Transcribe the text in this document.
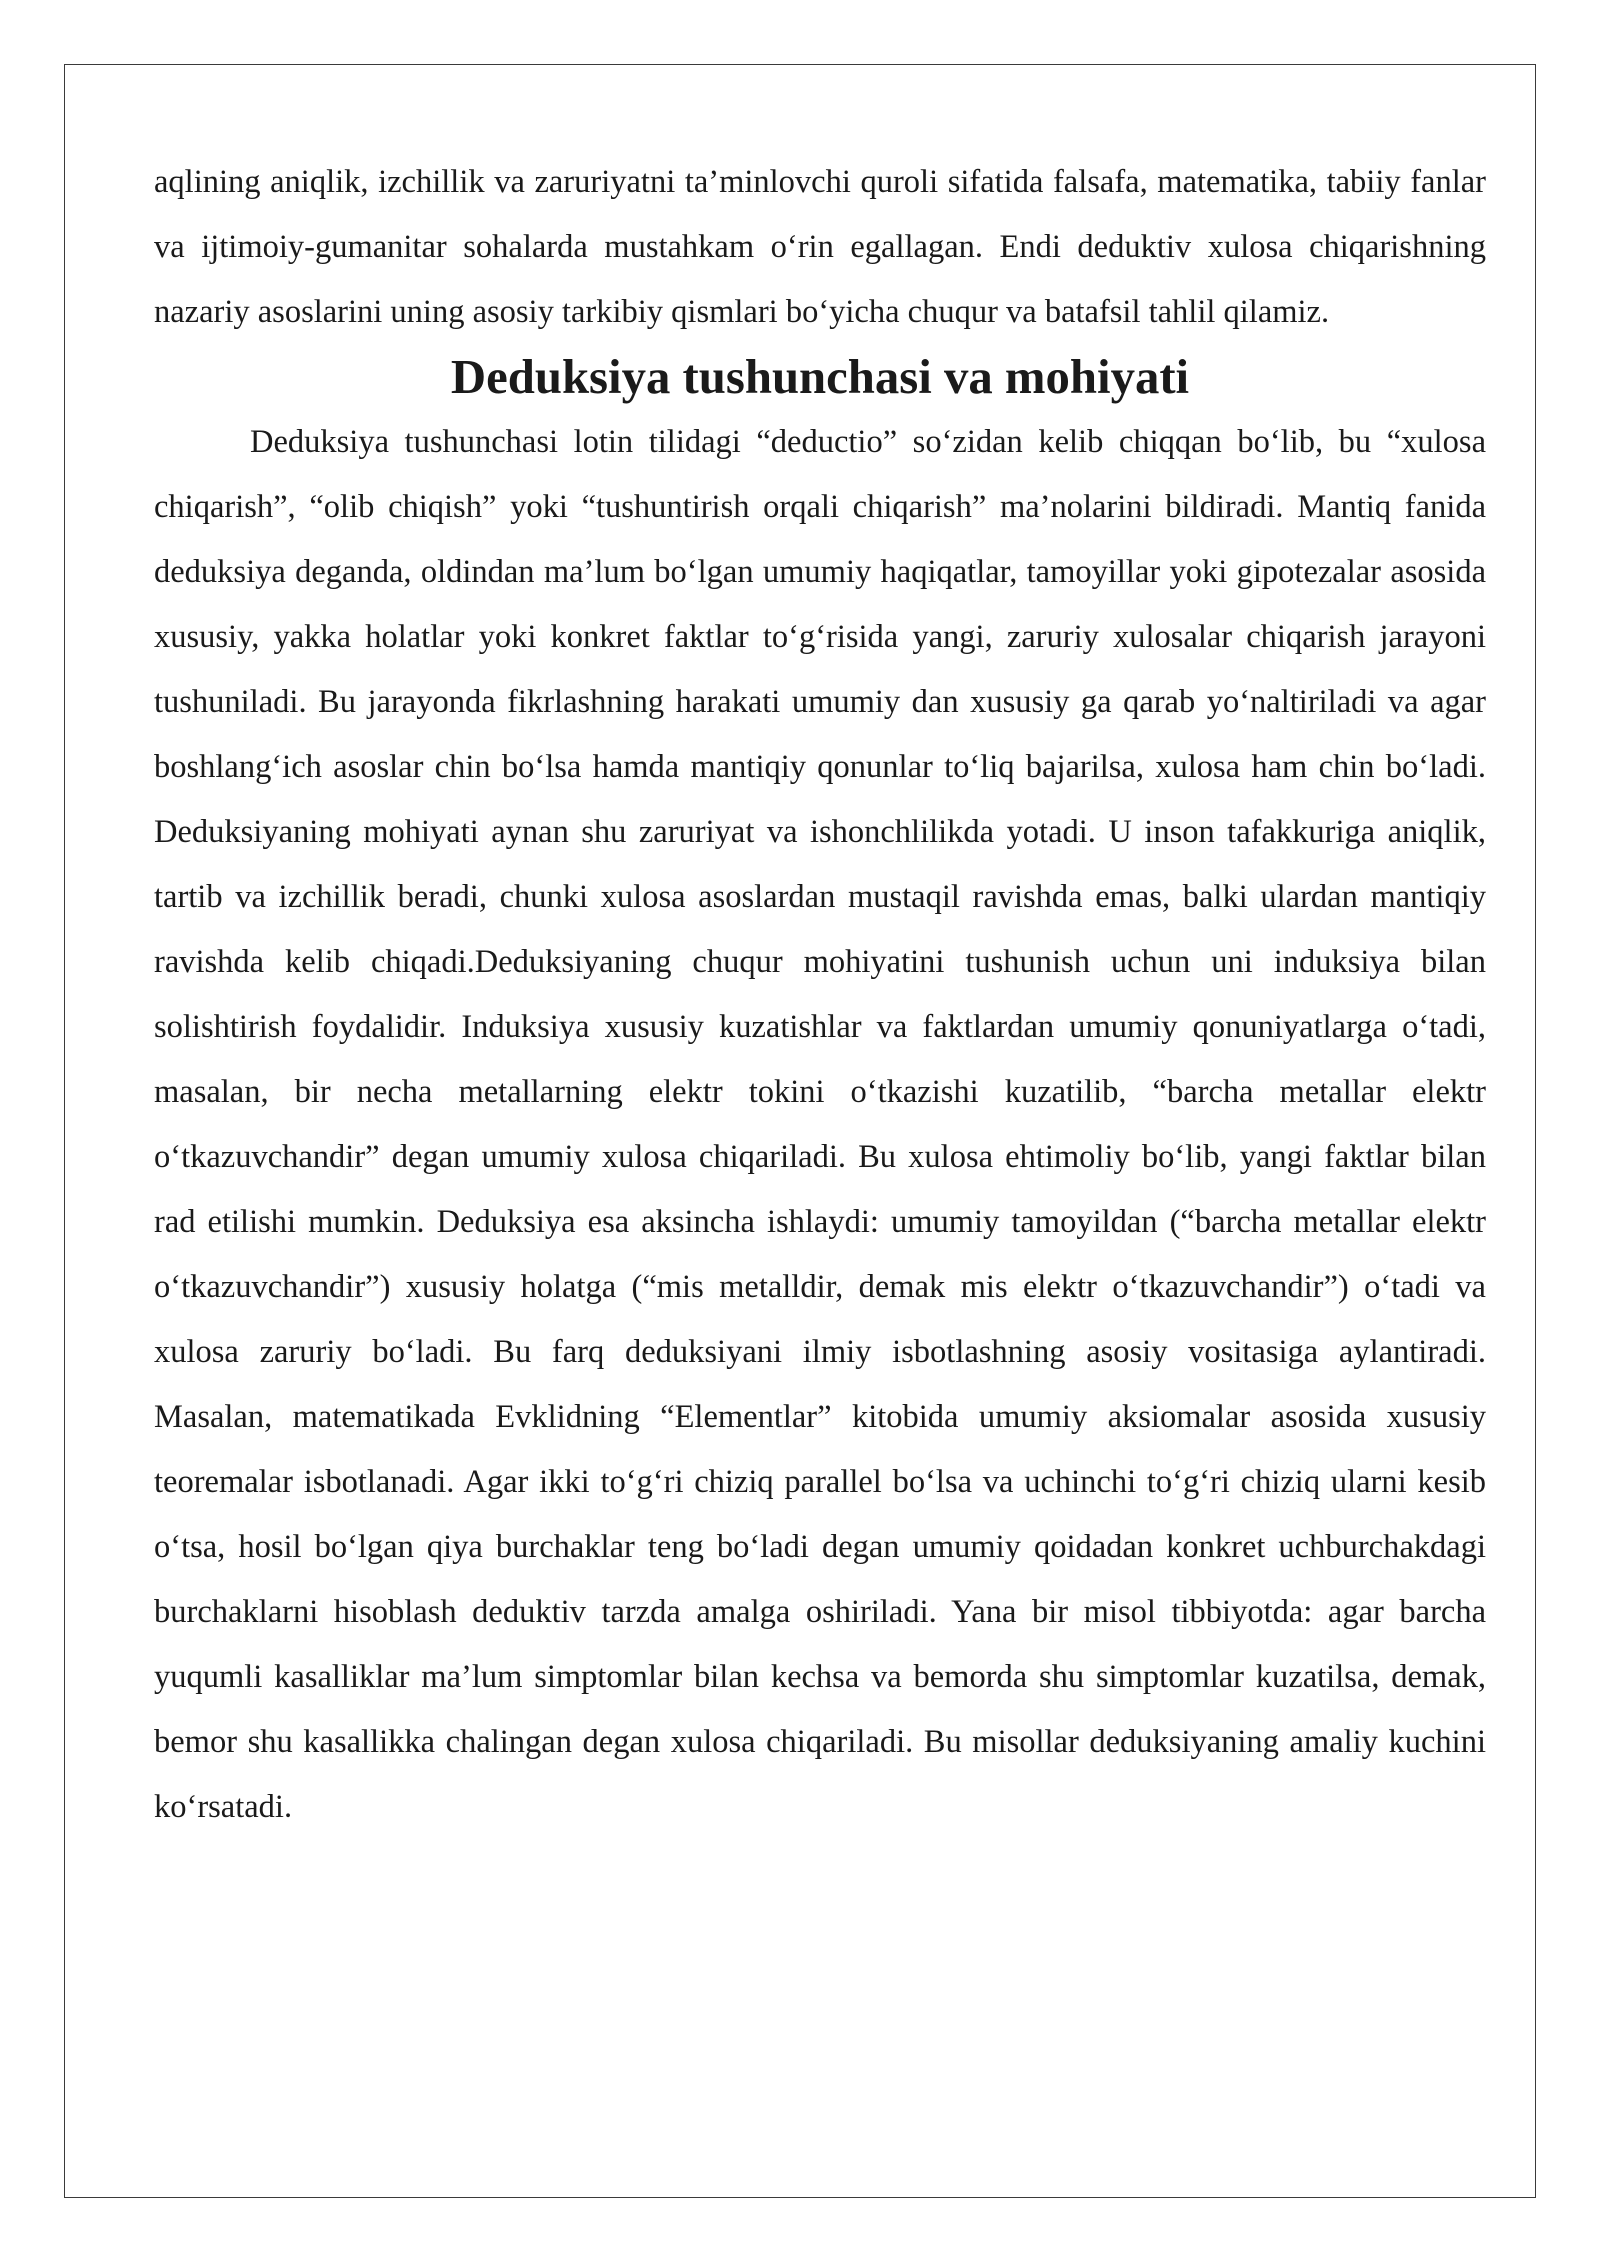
aqlining aniqlik, izchillik va zaruriyatni ta’minlovchi quroli sifatida falsafa, matematika, tabiiy fanlar va ijtimoiy-gumanitar sohalarda mustahkam o‘rin egallagan. Endi deduktiv xulosa chiqarishning nazariy asoslarini uning asosiy tarkibiy qismlari bo‘yicha chuqur va batafsil tahlil qilamiz.

Deduksiya tushunchasi va mohiyati

Deduksiya tushunchasi lotin tilidagi “deductio” so‘zidan kelib chiqqan bo‘lib, bu “xulosa chiqarish”, “olib chiqish” yoki “tushuntirish orqali chiqarish” ma’nolarini bildiradi. Mantiq fanida deduksiya deganda, oldindan ma’lum bo‘lgan umumiy haqiqatlar, tamoyillar yoki gipotezalar asosida xususiy, yakka holatlar yoki konkret faktlar to‘g‘risida yangi, zaruriy xulosalar chiqarish jarayoni tushuniladi. Bu jarayonda fikrlashning harakati umumiy dan xususiy ga qarab yo‘naltiriladi va agar boshlang‘ich asoslar chin bo‘lsa hamda mantiqiy qonunlar to‘liq bajarilsa, xulosa ham chin bo‘ladi. Deduksiyaning mohiyati aynan shu zaruriyat va ishonchlilikda yotadi. U inson tafakkuriga aniqlik, tartib va izchillik beradi, chunki xulosa asoslardan mustaqil ravishda emas, balki ulardan mantiqiy ravishda kelib chiqadi.Deduksiyaning chuqur mohiyatini tushunish uchun uni induksiya bilan solishtirish foydalidir. Induksiya xususiy kuzatishlar va faktlardan umumiy qonuniyatlarga o‘tadi, masalan, bir necha metallarning elektr tokini o‘tkazishi kuzatilib, “barcha metallar elektr o‘tkazuvchandir” degan umumiy xulosa chiqariladi. Bu xulosa ehtimoliy bo‘lib, yangi faktlar bilan rad etilishi mumkin. Deduksiya esa aksincha ishlaydi: umumiy tamoyildan (“barcha metallar elektr o‘tkazuvchandir”) xususiy holatga (“mis metalldir, demak mis elektr o‘tkazuvchandir”) o‘tadi va xulosa zaruriy bo‘ladi. Bu farq deduksiyani ilmiy isbotlashning asosiy vositasiga aylantiradi. Masalan, matematikada Evklidning “Elementlar” kitobida umumiy aksiomalar asosida xususiy teoremalar isbotlanadi. Agar ikki to‘g‘ri chiziq parallel bo‘lsa va uchinchi to‘g‘ri chiziq ularni kesib o‘tsa, hosil bo‘lgan qiya burchaklar teng bo‘ladi degan umumiy qoidadan konkret uchburchakdagi burchaklarni hisoblash deduktiv tarzda amalga oshiriladi. Yana bir misol tibbiyotda: agar barcha yuqumli kasalliklar ma’lum simptomlar bilan kechsa va bemorda shu simptomlar kuzatilsa, demak, bemor shu kasallikka chalingan degan xulosa chiqariladi. Bu misollar deduksiyaning amaliy kuchini ko‘rsatadi.
